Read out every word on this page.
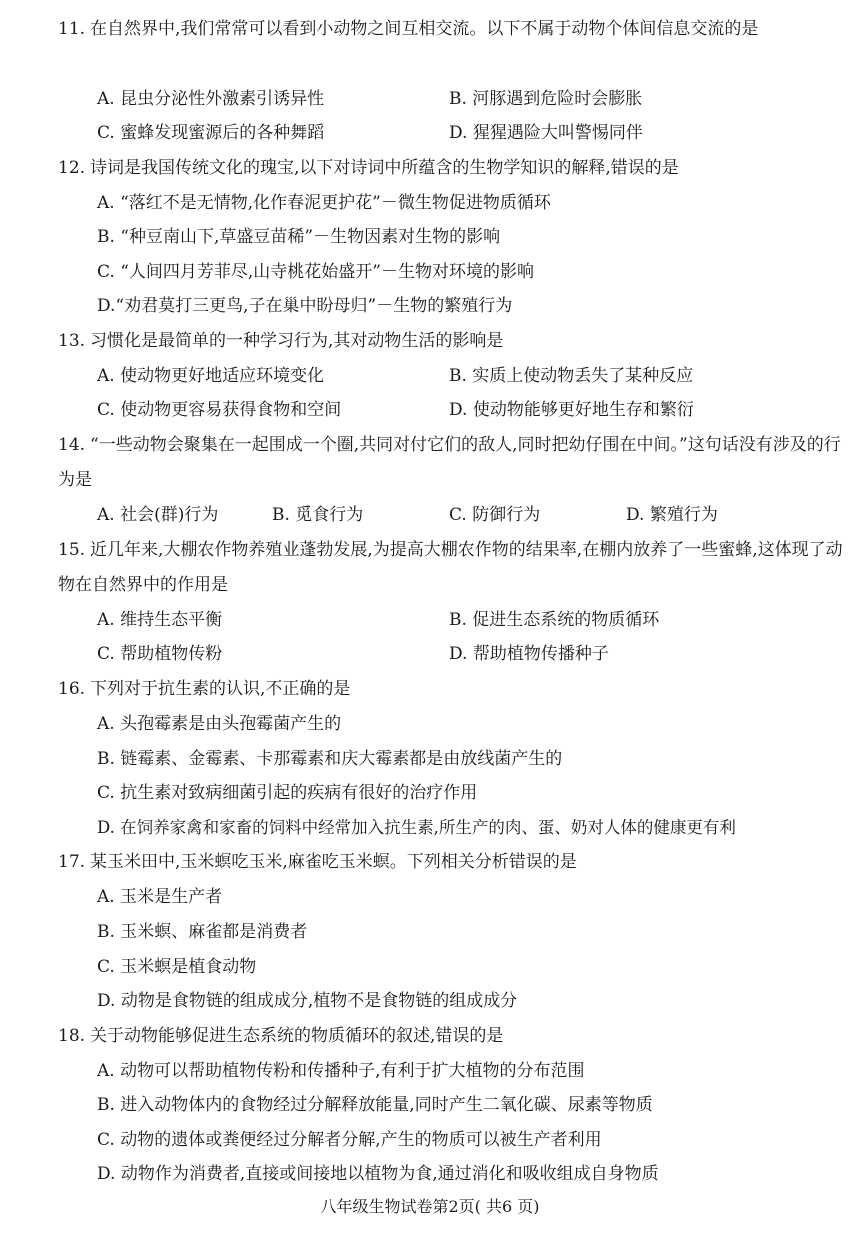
11. 在自然界中,我们常常可以看到小动物之间互相交流。以下不属于动物个体间信息交流的是
A. 昆虫分泌性外激素引诱异性	B. 河豚遇到危险时会膨胀
C. 蜜蜂发现蜜源后的各种舞蹈	D. 猩猩遇险大叫警惕同伴
12. 诗词是我国传统文化的瑰宝,以下对诗词中所蕴含的生物学知识的解释,错误的是
A. “落红不是无情物,化作春泥更护花”－微生物促进物质循环
B. “种豆南山下,草盛豆苗稀”－生物因素对生物的影响
C. “人间四月芳菲尽,山寺桃花始盛开”－生物对环境的影响
D.“劝君莫打三更鸟,子在巢中盼母归”－生物的繁殖行为
13. 习惯化是最简单的一种学习行为,其对动物生活的影响是
A. 使动物更好地适应环境变化	B. 实质上使动物丢失了某种反应
C. 使动物更容易获得食物和空间	D. 使动物能够更好地生存和繁衍
14. “一些动物会聚集在一起围成一个圈,共同对付它们的敌人,同时把幼仔围在中间。”这句话没有涉及的行为是
A. 社会(群)行为	B. 觅食行为	C. 防御行为	D. 繁殖行为
15. 近几年来,大棚农作物养殖业蓬勃发展,为提高大棚农作物的结果率,在棚内放养了一些蜜蜂,这体现了动物在自然界中的作用是
A. 维持生态平衡	B. 促进生态系统的物质循环
C. 帮助植物传粉	D. 帮助植物传播种子
16. 下列对于抗生素的认识,不正确的是
A. 头孢霉素是由头孢霉菌产生的
B. 链霉素、金霉素、卡那霉素和庆大霉素都是由放线菌产生的
C. 抗生素对致病细菌引起的疾病有很好的治疗作用
D. 在饲养家禽和家畜的饲料中经常加入抗生素,所生产的肉、蛋、奶对人体的健康更有利
17. 某玉米田中,玉米螟吃玉米,麻雀吃玉米螟。下列相关分析错误的是
A. 玉米是生产者
B. 玉米螟、麻雀都是消费者
C. 玉米螟是植食动物
D. 动物是食物链的组成成分,植物不是食物链的组成成分
18. 关于动物能够促进生态系统的物质循环的叙述,错误的是
A. 动物可以帮助植物传粉和传播种子,有利于扩大植物的分布范围
B. 进入动物体内的食物经过分解释放能量,同时产生二氧化碳、尿素等物质
C. 动物的遗体或粪便经过分解者分解,产生的物质可以被生产者利用
D. 动物作为消费者,直接或间接地以植物为食,通过消化和吸收组成自身物质
八年级生物试卷第2页( 共6 页)
